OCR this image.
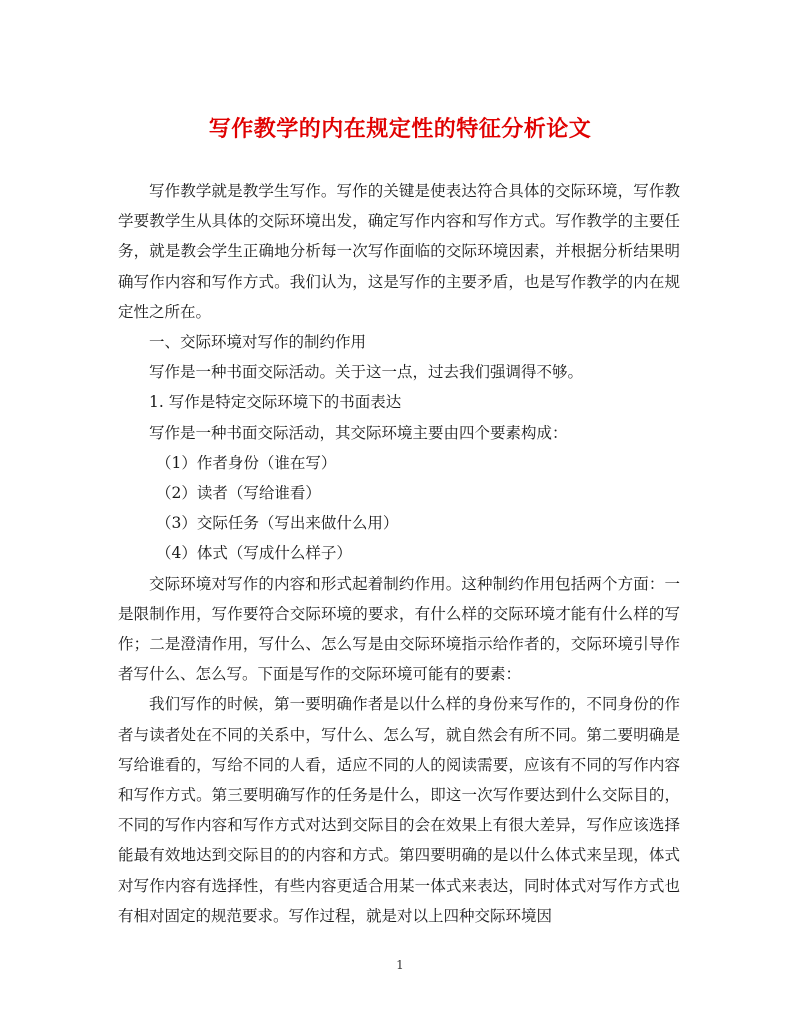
写作教学的内在规定性的特征分析论文

写作教学就是教学生写作。写作的关键是使表达符合具体的交际环境，写作教学要教学生从具体的交际环境出发，确定写作内容和写作方式。写作教学的主要任务，就是教会学生正确地分析每一次写作面临的交际环境因素，并根据分析结果明确写作内容和写作方式。我们认为，这是写作的主要矛盾，也是写作教学的内在规定性之所在。

一、交际环境对写作的制约作用

写作是一种书面交际活动。关于这一点，过去我们强调得不够。

1. 写作是特定交际环境下的书面表达

写作是一种书面交际活动，其交际环境主要由四个要素构成：

（1）作者身份（谁在写）

（2）读者（写给谁看）

（3）交际任务（写出来做什么用）

（4）体式（写成什么样子）

交际环境对写作的内容和形式起着制约作用。这种制约作用包括两个方面：一是限制作用，写作要符合交际环境的要求，有什么样的交际环境才能有什么样的写作；二是澄清作用，写什么、怎么写是由交际环境指示给作者的，交际环境引导作者写什么、怎么写。下面是写作的交际环境可能有的要素：

我们写作的时候，第一要明确作者是以什么样的身份来写作的，不同身份的作者与读者处在不同的关系中，写什么、怎么写，就自然会有所不同。第二要明确是写给谁看的，写给不同的人看，适应不同的人的阅读需要，应该有不同的写作内容和写作方式。第三要明确写作的任务是什么，即这一次写作要达到什么交际目的，不同的写作内容和写作方式对达到交际目的会在效果上有很大差异，写作应该选择能最有效地达到交际目的的内容和方式。第四要明确的是以什么体式来呈现，体式对写作内容有选择性，有些内容更适合用某一体式来表达，同时体式对写作方式也有相对固定的规范要求。写作过程，就是对以上四种交际环境因

1
